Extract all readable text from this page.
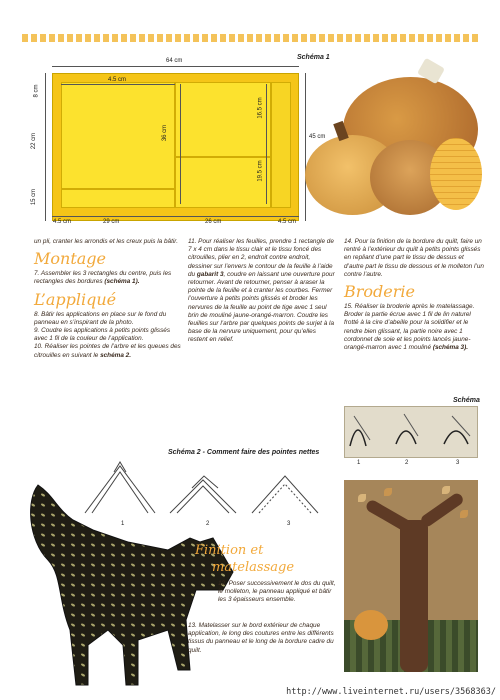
Schéma 1
64 cm
4.5 cm
8 cm
22 cm
15 cm
36 cm
16.5 cm
19.5 cm
45 cm
4.5 cm	29 cm	26 cm	4.5 cm

un pli, cranter les arrondis et les creux puis la bâtir.

Montage

7. Assembler les 3 rectangles du centre, puis les rectangles des bordures (schéma 1).

L’appliqué

8. Bâtir les applications en place sur le fond du panneau en s’inspirant de la photo.

9. Coudre les applications à petits points glissés avec 1 fil de la couleur de l’application.

10. Réaliser les pointes de l’arbre et les queues des citrouilles en suivant le schéma 2.

11. Pour réaliser les feuilles, prendre 1 rectangle de 7 x 4 cm dans le tissu clair et le tissu foncé des citrouilles, plier en 2, endroit contre endroit, dessiner sur l’envers le contour de la feuille à l’aide du gabarit 3, coudre en laissant une ouverture pour retourner. Avant de retourner, penser à araser la pointe de la feuille et à cranter les courbes. Fermer l’ouverture à petits points glissés et broder les nervures de la feuille au point de tige avec 1 seul brin de mouliné jaune-orangé-marron. Coudre les feuilles sur l’arbre par quelques points de surjet à la base de la nervure uniquement, pour qu’elles restent en relief.

14. Pour la finition de la bordure du quilt, faire un rentré à l’extérieur du quilt à petits points glissés en repliant d’une part le tissu de dessus et d’autre part le tissu de dessous et le molleton l’un contre l’autre.

Broderie

15. Réaliser la broderie après le matelassage. Broder la partie écrue avec 1 fil de lin naturel frotté à la cire d’abeille pour la solidifier et le rendre bien glissant, la partie noire avec 1 cordonnet de soie et les points lancés jaune-orangé-marron avec 1 mouliné (schéma 3).

Schéma
1	2	3
Schéma 2 - Comment faire des pointes nettes
1	2	3
Finition et
matelassage

12. Poser successivement le dos du quilt, le molleton, le panneau appliqué et bâtir les 3 épaisseurs ensemble.

13. Matelasser sur le bord extérieur de chaque application, le long des coutures entre les différents tissus du panneau et le long de la bordure cadre du quilt.

http://www.liveinternet.ru/users/3568363/
